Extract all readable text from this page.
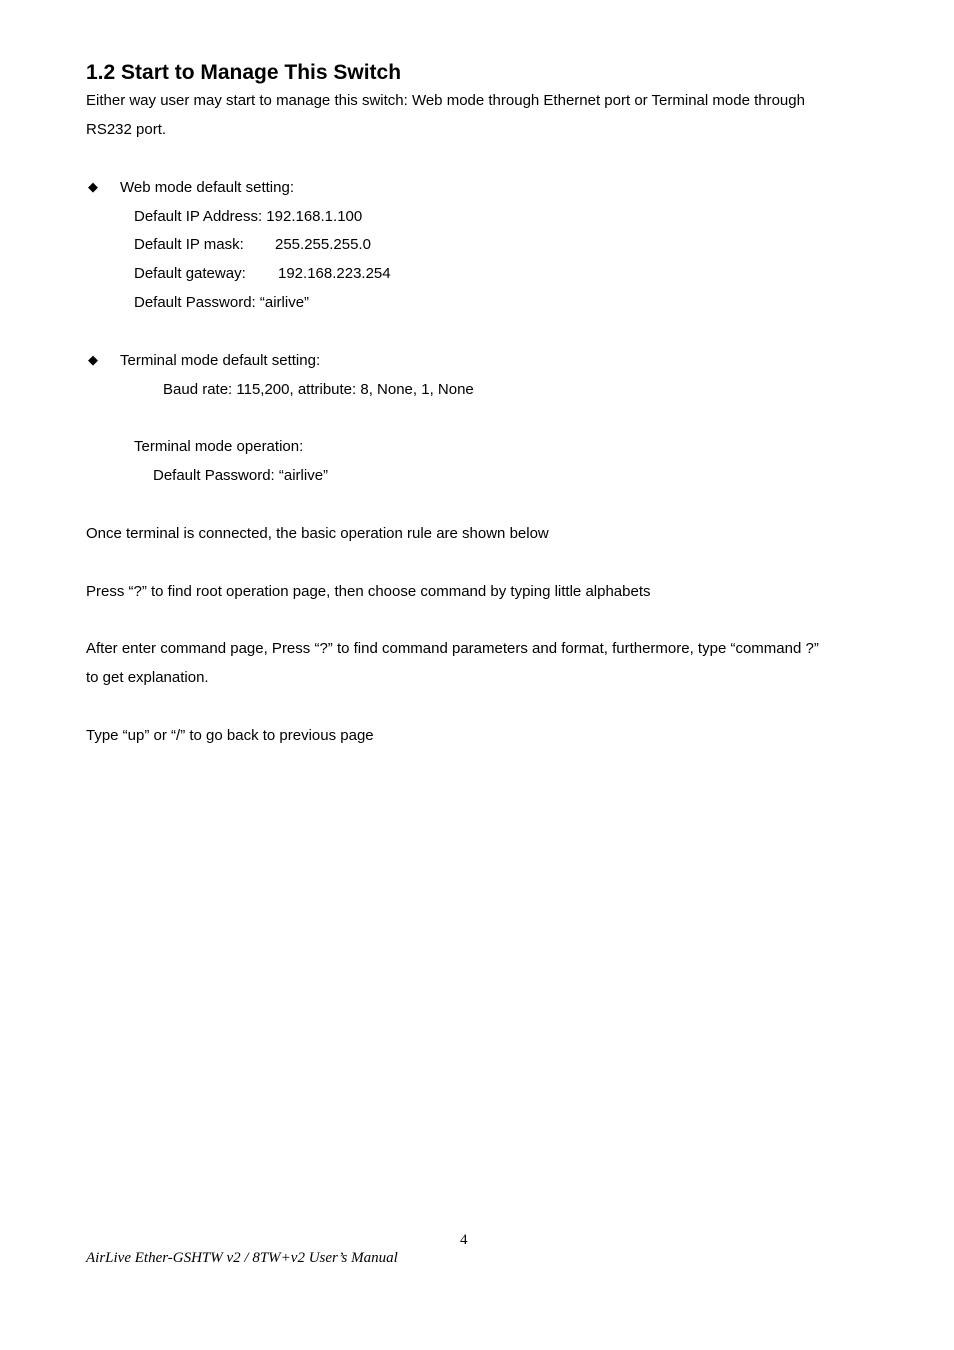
1.2 Start to Manage This Switch
Either way user may start to manage this switch: Web mode through Ethernet port or Terminal mode through
RS232 port.
◆ Web mode default setting:
Default IP Address: 192.168.1.100
Default IP mask: 255.255.255.0
Default gateway: 192.168.223.254
Default Password: “airlive”
◆ Terminal mode default setting:
Baud rate: 115,200, attribute: 8, None, 1, None
Terminal mode operation:
Default Password: “airlive”
Once terminal is connected, the basic operation rule are shown below
Press “?” to find root operation page, then choose command by typing little alphabets
After enter command page, Press “?” to find command parameters and format, furthermore, type “command ?”
to get explanation.
Type “up” or “/” to go back to previous page
4
AirLive Ether-GSHTW v2 / 8TW+v2 User’s Manual
